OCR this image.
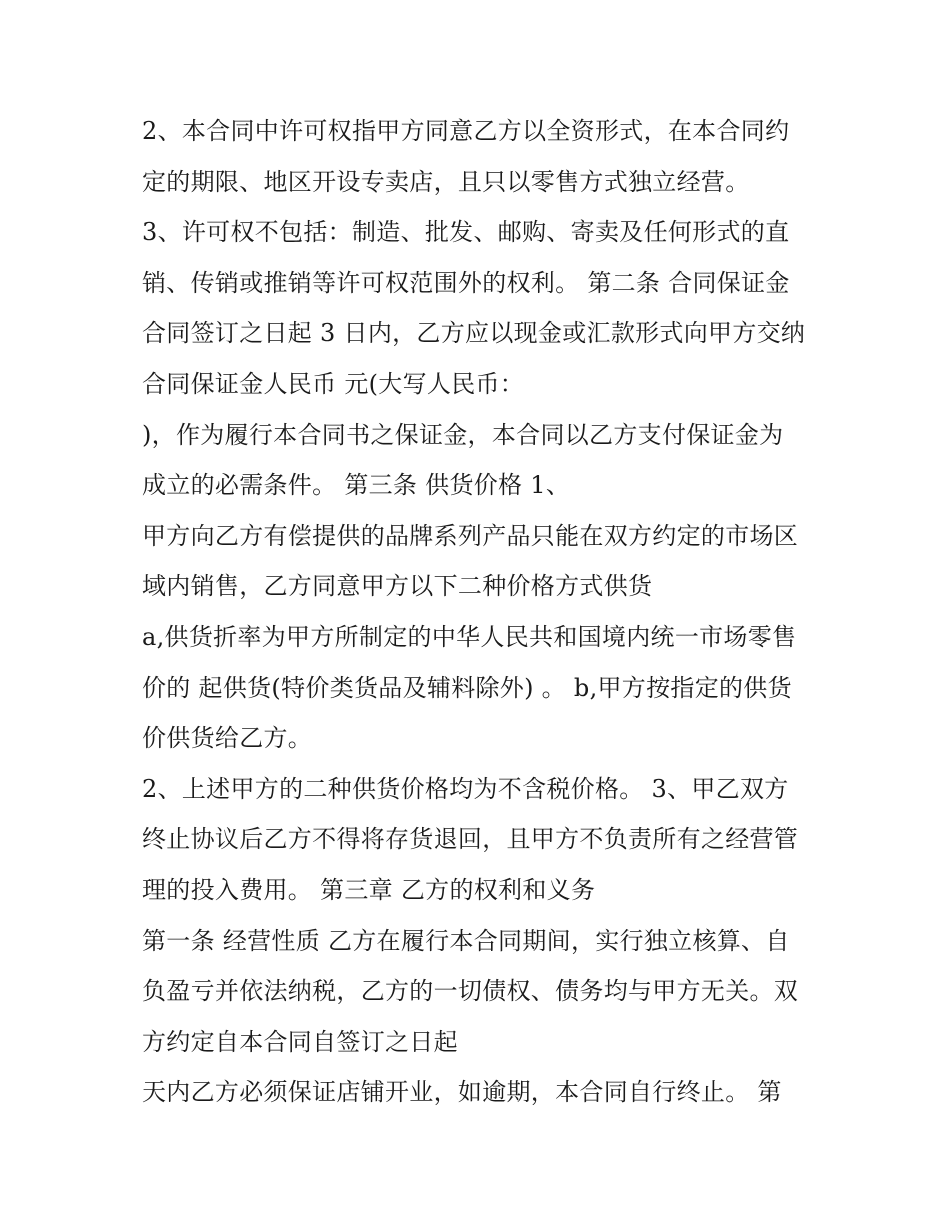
2、本合同中许可权指甲方同意乙方以全资形式，在本合同约
定的期限、地区开设专卖店，且只以零售方式独立经营。
3、许可权不包括：制造、批发、邮购、寄卖及任何形式的直
销、传销或推销等许可权范围外的权利。 第二条 合同保证金
合同签订之日起 3 日内，乙方应以现金或汇款形式向甲方交纳
合同保证金人民币 元(大写人民币：
)，作为履行本合同书之保证金，本合同以乙方支付保证金为
成立的必需条件。 第三条 供货价格 1、
甲方向乙方有偿提供的品牌系列产品只能在双方约定的市场区
域内销售，乙方同意甲方以下二种价格方式供货
a,供货折率为甲方所制定的中华人民共和国境内统一市场零售
价的 起供货(特价类货品及辅料除外) 。 b,甲方按指定的供货
价供货给乙方。
2、上述甲方的二种供货价格均为不含税价格。 3、甲乙双方
终止协议后乙方不得将存货退回，且甲方不负责所有之经营管
理的投入费用。 第三章 乙方的权利和义务
第一条 经营性质 乙方在履行本合同期间，实行独立核算、自
负盈亏并依法纳税，乙方的一切债权、债务均与甲方无关。双
方约定自本合同自签订之日起
天内乙方必须保证店铺开业，如逾期，本合同自行终止。 第
